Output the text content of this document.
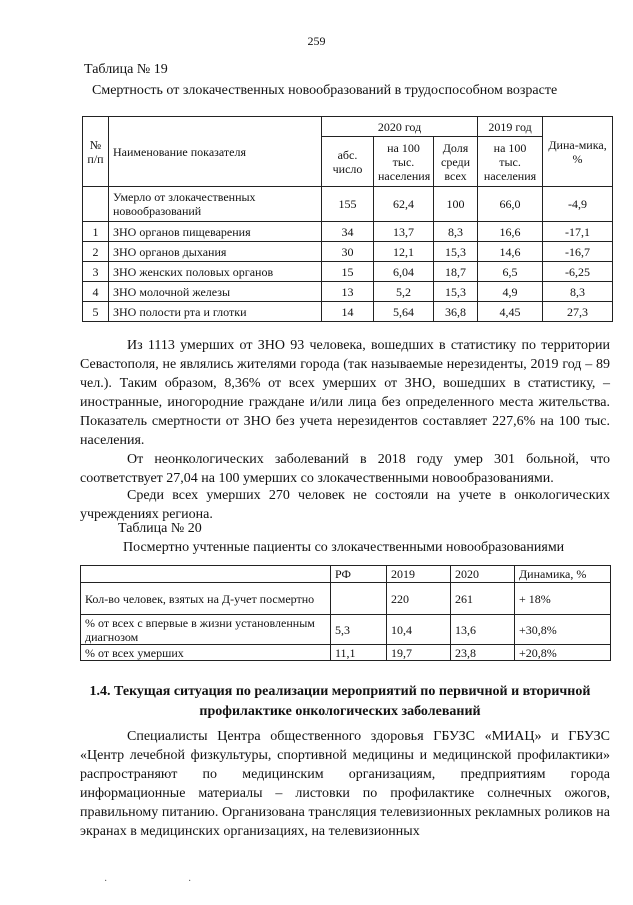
259
Таблица № 19
Смертность от злокачественных новообразований в трудоспособном возрасте
№ п/п	Наименование показателя	2020 год			2019 год	Дина-мика, %
		абс. число	на 100 тыс. населения	Доля среди всех	на 100 тыс. населения	
	Умерло от злокачественных новообразований	155	62,4	100	66,0	-4,9
1	ЗНО органов пищеварения	34	13,7	8,3	16,6	-17,1
2	ЗНО органов дыхания	30	12,1	15,3	14,6	-16,7
3	ЗНО женских половых органов	15	6,04	18,7	6,5	-6,25
4	ЗНО молочной железы	13	5,2	15,3	4,9	8,3
5	ЗНО полости рта и глотки	14	5,64	36,8	4,45	27,3
Из 1113 умерших от ЗНО 93 человека, вошедших в статистику по территории Севастополя, не являлись жителями города (так называемые нерезиденты, 2019 год – 89 чел.). Таким образом, 8,36% от всех умерших от ЗНО, вошедших в статистику, – иностранные, иногородние граждане и/или лица без определенного места жительства. Показатель смертности от ЗНО без учета нерезидентов составляет 227,6% на 100 тыс. населения.
От неонкологических заболеваний в 2018 году умер 301 больной, что соответствует 27,04 на 100 умерших со злокачественными новообразованиями.
Среди всех умерших 270 человек не состояли на учете в онкологических учреждениях региона.
Таблица № 20
Посмертно учтенные пациенты со злокачественными новообразованиями
	РФ	2019	2020	Динамика, %
Кол-во человек, взятых на Д-учет посмертно		220	261	+ 18%
% от всех с впервые в жизни установленным диагнозом	5,3	10,4	13,6	+30,8%
% от всех умерших	11,1	19,7	23,8	+20,8%
1.4. Текущая ситуация по реализации мероприятий по первичной и вторичной профилактике онкологических заболеваний
Специалисты Центра общественного здоровья ГБУЗС «МИАЦ» и ГБУЗС «Центр лечебной физкультуры, спортивной медицины и медицинской профилактики» распространяют по медицинским организациям, предприятиям города информационные материалы – листовки по профилактике солнечных ожогов, правильному питанию. Организована трансляция телевизионных рекламных роликов на экранах в медицинских организациях, на телевизионных
·	·
